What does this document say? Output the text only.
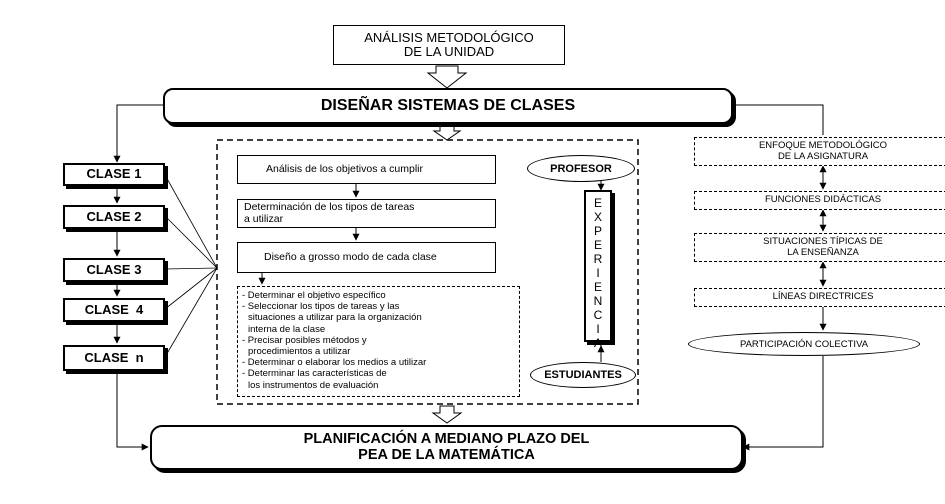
ANÁLISIS METODOLÓGICO
DE LA UNIDAD
DISEÑAR SISTEMAS DE CLASES
CLASE 1
CLASE 2
CLASE 3
CLASE  4
CLASE  n
Análisis de los objetivos a cumplir
Determinación de los tipos de tareas
a utilizar
Diseño a grosso modo de cada clase
- Determinar el objetivo específico
- Seleccionar los tipos de tareas y las
situaciones a utilizar para la organización
interna de la clase
- Precisar posibles métodos y
procedimientos a utilizar
- Determinar o elaborar los medios a utilizar
- Determinar las características de
los instrumentos de evaluación
PROFESOR
ESTUDIANTES
E
X
P
E
R
I
E
N
C
I
A
ENFOQUE METODOLÓGICO
DE LA ASIGNATURA
FUNCIONES DIDÁCTICAS
SITUACIONES TÍPICAS DE
LA ENSEÑANZA
LÍNEAS DIRECTRICES
PARTICIPACIÓN COLECTIVA
PLANIFICACIÓN A MEDIANO PLAZO DEL
PEA DE LA MATEMÁTICA
